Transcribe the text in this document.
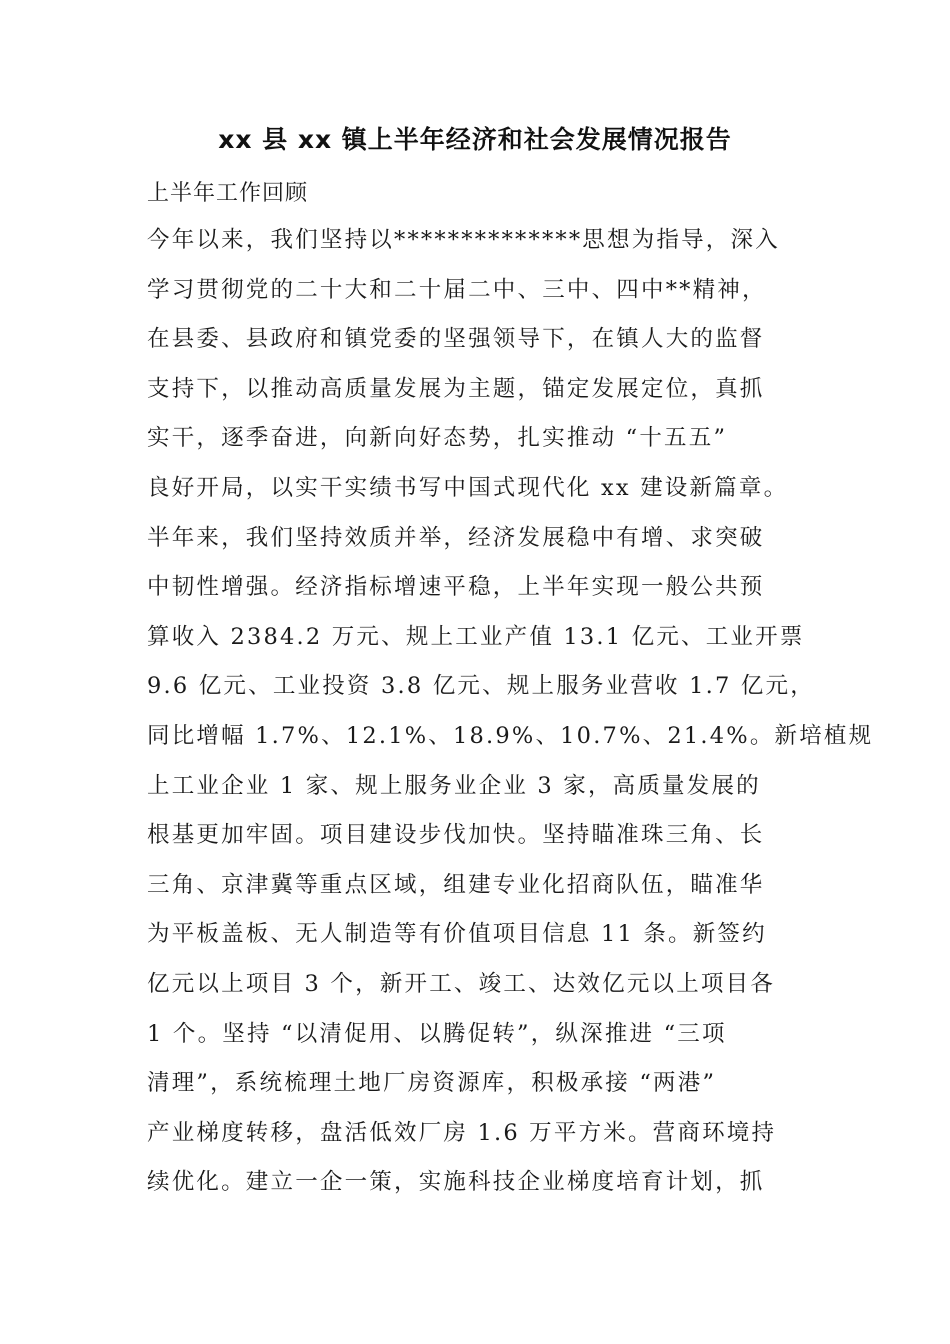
xx 县 xx 镇上半年经济和社会发展情况报告
上半年工作回顾
今年以来，我们坚持以**************思想为指导，深入
学习贯彻党的二十大和二十届二中、三中、四中**精神，
在县委、县政府和镇党委的坚强领导下，在镇人大的监督
支持下，以推动高质量发展为主题，锚定发展定位，真抓
实干，逐季奋进，向新向好态势，扎实推动 “十五五”
良好开局，以实干实绩书写中国式现代化 xx 建设新篇章。
半年来，我们坚持效质并举，经济发展稳中有增、求突破
中韧性增强。经济指标增速平稳，上半年实现一般公共预
算收入 2384.2 万元、规上工业产值 13.1 亿元、工业开票
9.6 亿元、工业投资 3.8 亿元、规上服务业营收 1.7 亿元，
同比增幅 1.7%、12.1%、18.9%、10.7%、21.4%。新培植规
上工业企业 1 家、规上服务业企业 3 家，高质量发展的
根基更加牢固。项目建设步伐加快。坚持瞄准珠三角、长
三角、京津冀等重点区域，组建专业化招商队伍，瞄准华
为平板盖板、无人制造等有价值项目信息 11 条。新签约
亿元以上项目 3 个，新开工、竣工、达效亿元以上项目各
1 个。坚持 “以清促用、以腾促转”，纵深推进 “三项
清理”，系统梳理土地厂房资源库，积极承接 “两港”
产业梯度转移，盘活低效厂房 1.6 万平方米。营商环境持
续优化。建立一企一策，实施科技企业梯度培育计划，抓
